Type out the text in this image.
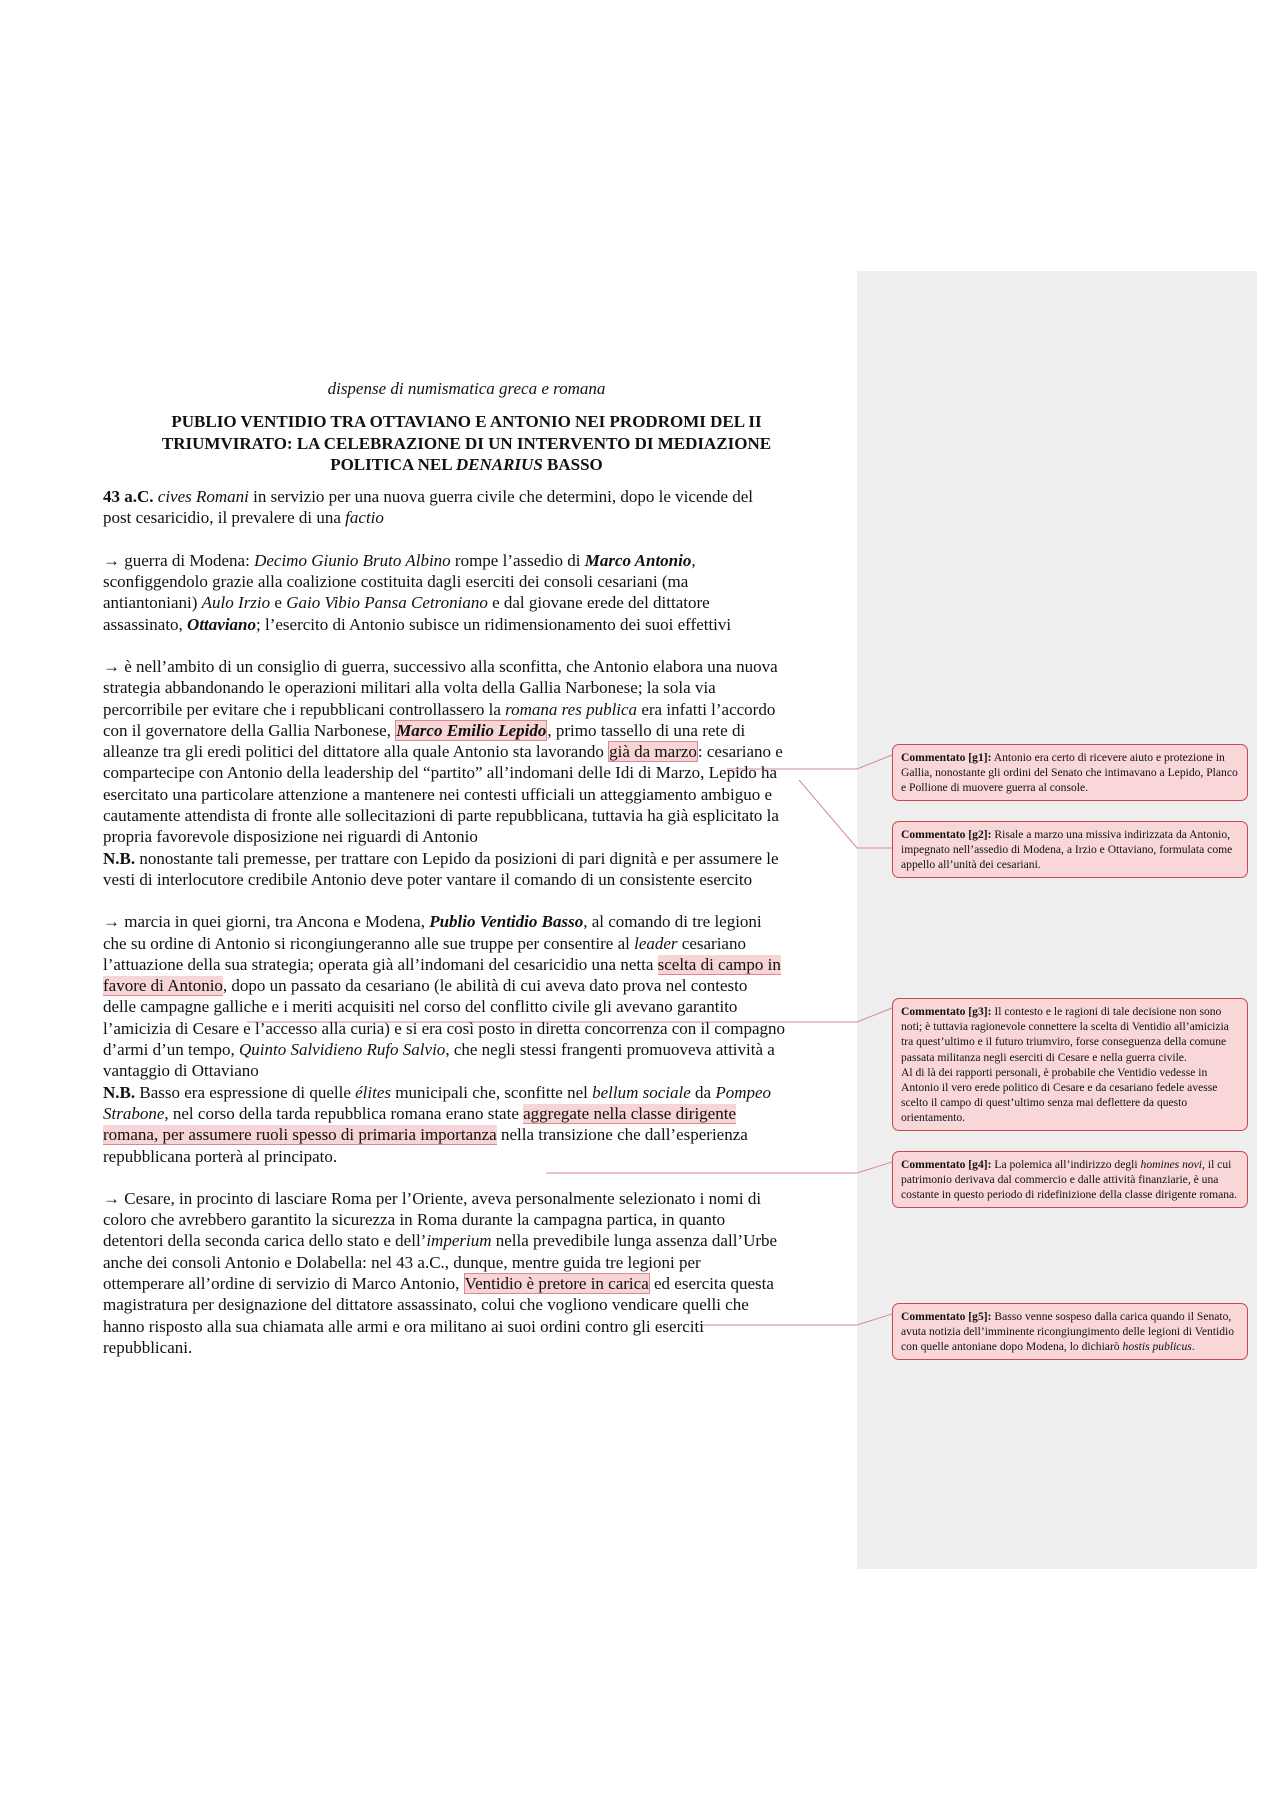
dispense di numismatica greca e romana

PUBLIO VENTIDIO TRA OTTAVIANO E ANTONIO NEI PRODROMI DEL II
TRIUMVIRATO: LA CELEBRAZIONE DI UN INTERVENTO DI MEDIAZIONE
POLITICA NEL DENARIUS BASSO

43 a.C. cives Romani in servizio per una nuova guerra civile che determini, dopo le vicende del
post cesaricidio, il prevalere di una factio

→ guerra di Modena: Decimo Giunio Bruto Albino rompe l’assedio di Marco Antonio,
sconfiggendolo grazie alla coalizione costituita dagli eserciti dei consoli cesariani (ma
antiantoniani) Aulo Irzio e Gaio Vibio Pansa Cetroniano e dal giovane erede del dittatore
assassinato, Ottaviano; l’esercito di Antonio subisce un ridimensionamento dei suoi effettivi

→ è nell’ambito di un consiglio di guerra, successivo alla sconfitta, che Antonio elabora una nuova
strategia abbandonando le operazioni militari alla volta della Gallia Narbonese; la sola via
percorribile per evitare che i repubblicani controllassero la romana res publica era infatti l’accordo
con il governatore della Gallia Narbonese, Marco Emilio Lepido, primo tassello di una rete di
alleanze tra gli eredi politici del dittatore alla quale Antonio sta lavorando già da marzo: cesariano e
compartecipe con Antonio della leadership del “partito” all’indomani delle Idi di Marzo, Lepido ha
esercitato una particolare attenzione a mantenere nei contesti ufficiali un atteggiamento ambiguo e
cautamente attendista di fronte alle sollecitazioni di parte repubblicana, tuttavia ha già esplicitato la
propria favorevole disposizione nei riguardi di Antonio
N.B. nonostante tali premesse, per trattare con Lepido da posizioni di pari dignità e per assumere le
vesti di interlocutore credibile Antonio deve poter vantare il comando di un consistente esercito

→ marcia in quei giorni, tra Ancona e Modena, Publio Ventidio Basso, al comando di tre legioni
che su ordine di Antonio si ricongiungeranno alle sue truppe per consentire al leader cesariano
l’attuazione della sua strategia; operata già all’indomani del cesaricidio una netta scelta di campo in
favore di Antonio, dopo un passato da cesariano (le abilità di cui aveva dato prova nel contesto
delle campagne galliche e i meriti acquisiti nel corso del conflitto civile gli avevano garantito
l’amicizia di Cesare e l’accesso alla curia) e si era così posto in diretta concorrenza con il compagno
d’armi d’un tempo, Quinto Salvidieno Rufo Salvio, che negli stessi frangenti promuoveva attività a
vantaggio di Ottaviano
N.B. Basso era espressione di quelle élites municipali che, sconfitte nel bellum sociale da Pompeo
Strabone, nel corso della tarda repubblica romana erano state aggregate nella classe dirigente
romana, per assumere ruoli spesso di primaria importanza nella transizione che dall’esperienza
repubblicana porterà al principato.

→ Cesare, in procinto di lasciare Roma per l’Oriente, aveva personalmente selezionato i nomi di
coloro che avrebbero garantito la sicurezza in Roma durante la campagna partica, in quanto
detentori della seconda carica dello stato e dell’imperium nella prevedibile lunga assenza dall’Urbe
anche dei consoli Antonio e Dolabella: nel 43 a.C., dunque, mentre guida tre legioni per
ottemperare all’ordine di servizio di Marco Antonio, Ventidio è pretore in carica ed esercita questa
magistratura per designazione del dittatore assassinato, colui che vogliono vendicare quelli che
hanno risposto alla sua chiamata alle armi e ora militano ai suoi ordini contro gli eserciti
repubblicani.

Commentato [g1]: Antonio era certo di ricevere aiuto e protezione in Gallia, nonostante gli ordini del Senato che intimavano a Lepido, Planco e Pollione di muovere guerra al console.
Commentato [g2]: Risale a marzo una missiva indirizzata da Antonio, impegnato nell’assedio di Modena, a Irzio e Ottaviano, formulata come appello all’unità dei cesariani.
Commentato [g3]: Il contesto e le ragioni di tale decisione non sono noti; è tuttavia ragionevole connettere la scelta di Ventidio all’amicizia tra quest’ultimo e il futuro triumviro, forse conseguenza della comune passata militanza negli eserciti di Cesare e nella guerra civile.
Al di là dei rapporti personali, è probabile che Ventidio vedesse in Antonio il vero erede politico di Cesare e da cesariano fedele avesse scelto il campo di quest’ultimo senza mai deflettere da questo orientamento.
Commentato [g4]: La polemica all’indirizzo degli homines novi, il cui patrimonio derivava dal commercio e dalle attività finanziarie, è una costante in questo periodo di ridefinizione della classe dirigente romana.
Commentato [g5]: Basso venne sospeso dalla carica quando il Senato, avuta notizia dell’imminente ricongiungimento delle legioni di Ventidio con quelle antoniane dopo Modena, lo dichiarò hostis publicus.
